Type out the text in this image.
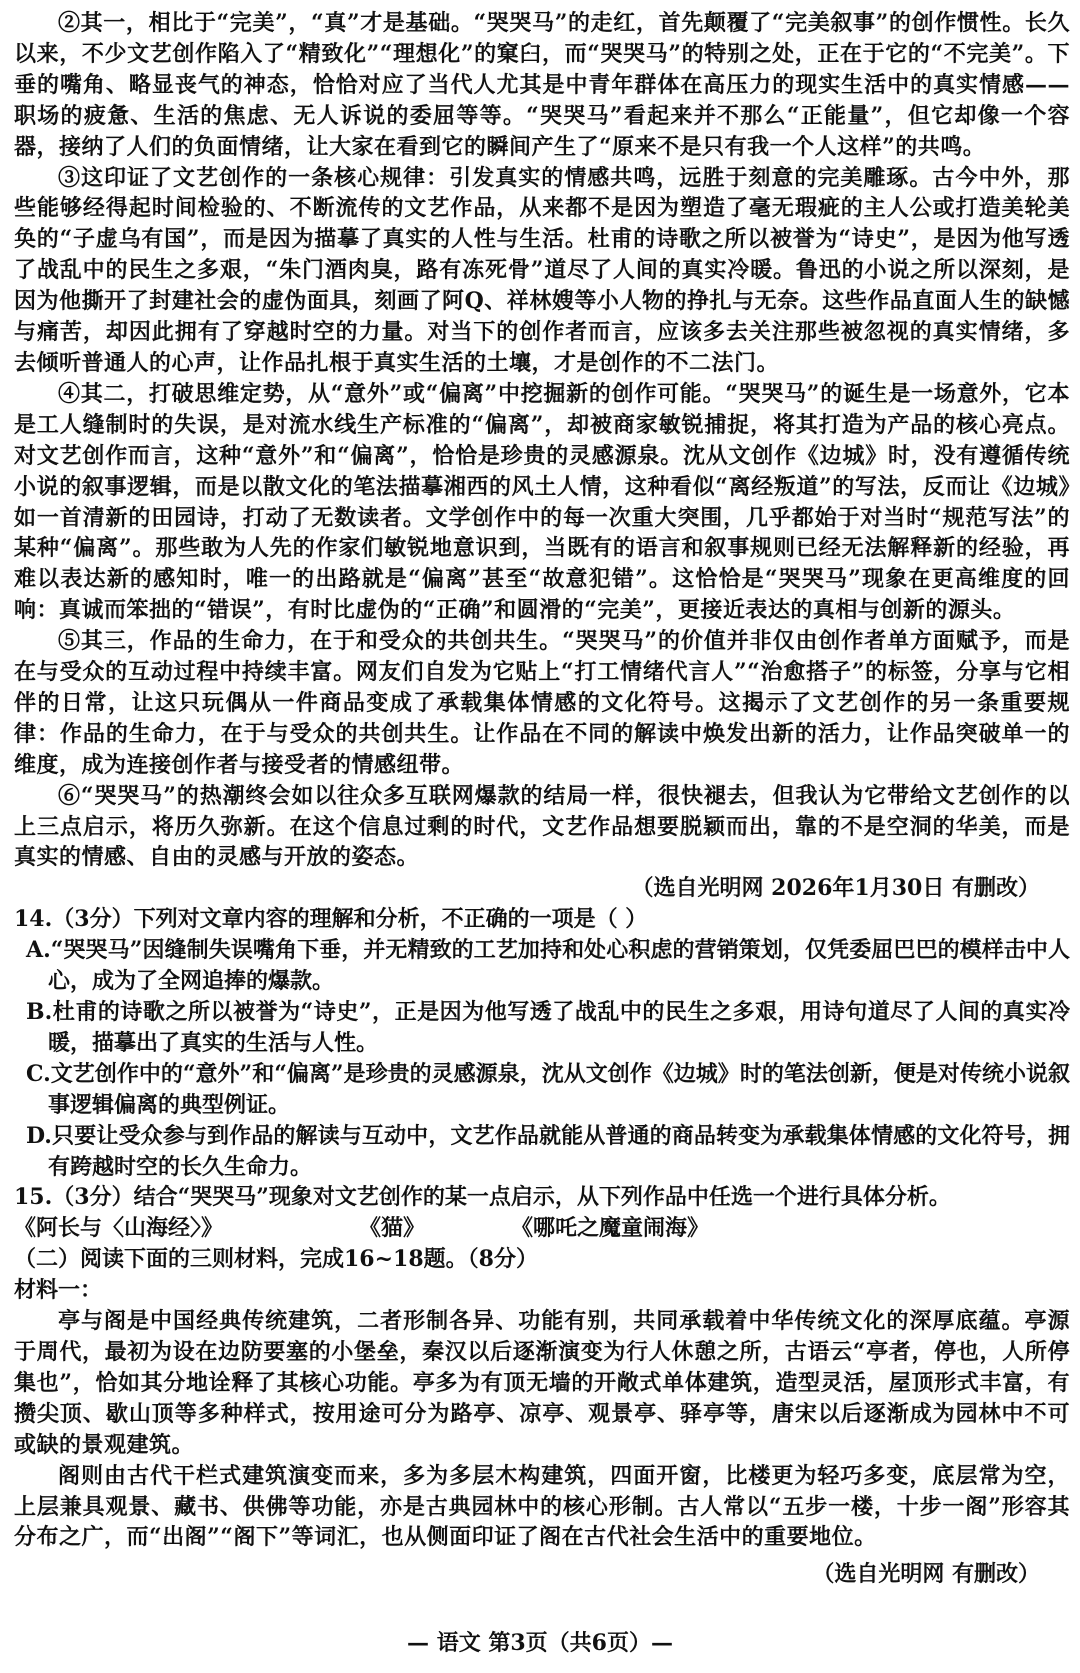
②其一，相比于“完美”，“真”才是基础。“哭哭马”的走红，首先颠覆了“完美叙事”的创作惯性。长久以来，不少文艺创作陷入了“精致化”“理想化”的窠臼，而“哭哭马”的特别之处，正在于它的“不完美”。下垂的嘴角、略显丧气的神态，恰恰对应了当代人尤其是中青年群体在高压力的现实生活中的真实情感——职场的疲惫、生活的焦虑、无人诉说的委屈等等。“哭哭马”看起来并不那么“正能量”，但它却像一个容器，接纳了人们的负面情绪，让大家在看到它的瞬间产生了“原来不是只有我一个人这样”的共鸣。

③这印证了文艺创作的一条核心规律：引发真实的情感共鸣，远胜于刻意的完美雕琢。古今中外，那些能够经得起时间检验的、不断流传的文艺作品，从来都不是因为塑造了毫无瑕疵的主人公或打造美轮美奂的“子虚乌有国”，而是因为描摹了真实的人性与生活。杜甫的诗歌之所以被誉为“诗史”，是因为他写透了战乱中的民生之多艰，“朱门酒肉臭，路有冻死骨”道尽了人间的真实冷暖。鲁迅的小说之所以深刻，是因为他撕开了封建社会的虚伪面具，刻画了阿Q、祥林嫂等小人物的挣扎与无奈。这些作品直面人生的缺憾与痛苦，却因此拥有了穿越时空的力量。对当下的创作者而言，应该多去关注那些被忽视的真实情绪，多去倾听普通人的心声，让作品扎根于真实生活的土壤，才是创作的不二法门。

④其二，打破思维定势，从“意外”或“偏离”中挖掘新的创作可能。“哭哭马”的诞生是一场意外，它本是工人缝制时的失误，是对流水线生产标准的“偏离”，却被商家敏锐捕捉，将其打造为产品的核心亮点。对文艺创作而言，这种“意外”和“偏离”，恰恰是珍贵的灵感源泉。沈从文创作《边城》时，没有遵循传统小说的叙事逻辑，而是以散文化的笔法描摹湘西的风土人情，这种看似“离经叛道”的写法，反而让《边城》如一首清新的田园诗，打动了无数读者。文学创作中的每一次重大突围，几乎都始于对当时“规范写法”的某种“偏离”。那些敢为人先的作家们敏锐地意识到，当既有的语言和叙事规则已经无法解释新的经验，再难以表达新的感知时，唯一的出路就是“偏离”甚至“故意犯错”。这恰恰是“哭哭马”现象在更高维度的回响：真诚而笨拙的“错误”，有时比虚伪的“正确”和圆滑的“完美”，更接近表达的真相与创新的源头。

⑤其三，作品的生命力，在于和受众的共创共生。“哭哭马”的价值并非仅由创作者单方面赋予，而是在与受众的互动过程中持续丰富。网友们自发为它贴上“打工情绪代言人”“治愈搭子”的标签，分享与它相伴的日常，让这只玩偶从一件商品变成了承载集体情感的文化符号。这揭示了文艺创作的另一条重要规律：作品的生命力，在于与受众的共创共生。让作品在不同的解读中焕发出新的活力，让作品突破单一的维度，成为连接创作者与接受者的情感纽带。

⑥“哭哭马”的热潮终会如以往众多互联网爆款的结局一样，很快褪去，但我认为它带给文艺创作的以上三点启示，将历久弥新。在这个信息过剩的时代，文艺作品想要脱颖而出，靠的不是空洞的华美，而是真实的情感、自由的灵感与开放的姿态。

（选自光明网 2026年1月30日 有删改）

14.（3分）下列对文章内容的理解和分析，不正确的一项是（ ）

A.“哭哭马”因缝制失误嘴角下垂，并无精致的工艺加持和处心积虑的营销策划，仅凭委屈巴巴的模样击中人心，成为了全网追捧的爆款。

B.杜甫的诗歌之所以被誉为“诗史”，正是因为他写透了战乱中的民生之多艰，用诗句道尽了人间的真实冷暖，描摹出了真实的生活与人性。

C.文艺创作中的“意外”和“偏离”是珍贵的灵感源泉，沈从文创作《边城》时的笔法创新，便是对传统小说叙事逻辑偏离的典型例证。

D.只要让受众参与到作品的解读与互动中，文艺作品就能从普通的商品转变为承载集体情感的文化符号，拥有跨越时空的长久生命力。

15.（3分）结合“哭哭马”现象对文艺创作的某一点启示，从下列作品中任选一个进行具体分析。

《阿长与〈山海经〉》	《猫》	《哪吒之魔童闹海》

（二）阅读下面的三则材料，完成16~18题。（8分）

材料一：

亭与阁是中国经典传统建筑，二者形制各异、功能有别，共同承载着中华传统文化的深厚底蕴。亭源于周代，最初为设在边防要塞的小堡垒，秦汉以后逐渐演变为行人休憩之所，古语云“亭者，停也，人所停集也”，恰如其分地诠释了其核心功能。亭多为有顶无墙的开敞式单体建筑，造型灵活，屋顶形式丰富，有攒尖顶、歇山顶等多种样式，按用途可分为路亭、凉亭、观景亭、驿亭等，唐宋以后逐渐成为园林中不可或缺的景观建筑。

阁则由古代干栏式建筑演变而来，多为多层木构建筑，四面开窗，比楼更为轻巧多变，底层常为空，上层兼具观景、藏书、供佛等功能，亦是古典园林中的核心形制。古人常以“五步一楼，十步一阁”形容其分布之广，而“出阁”“阁下”等词汇，也从侧面印证了阁在古代社会生活中的重要地位。

（选自光明网 有删改）

— 语文 第3页（共6页）—
